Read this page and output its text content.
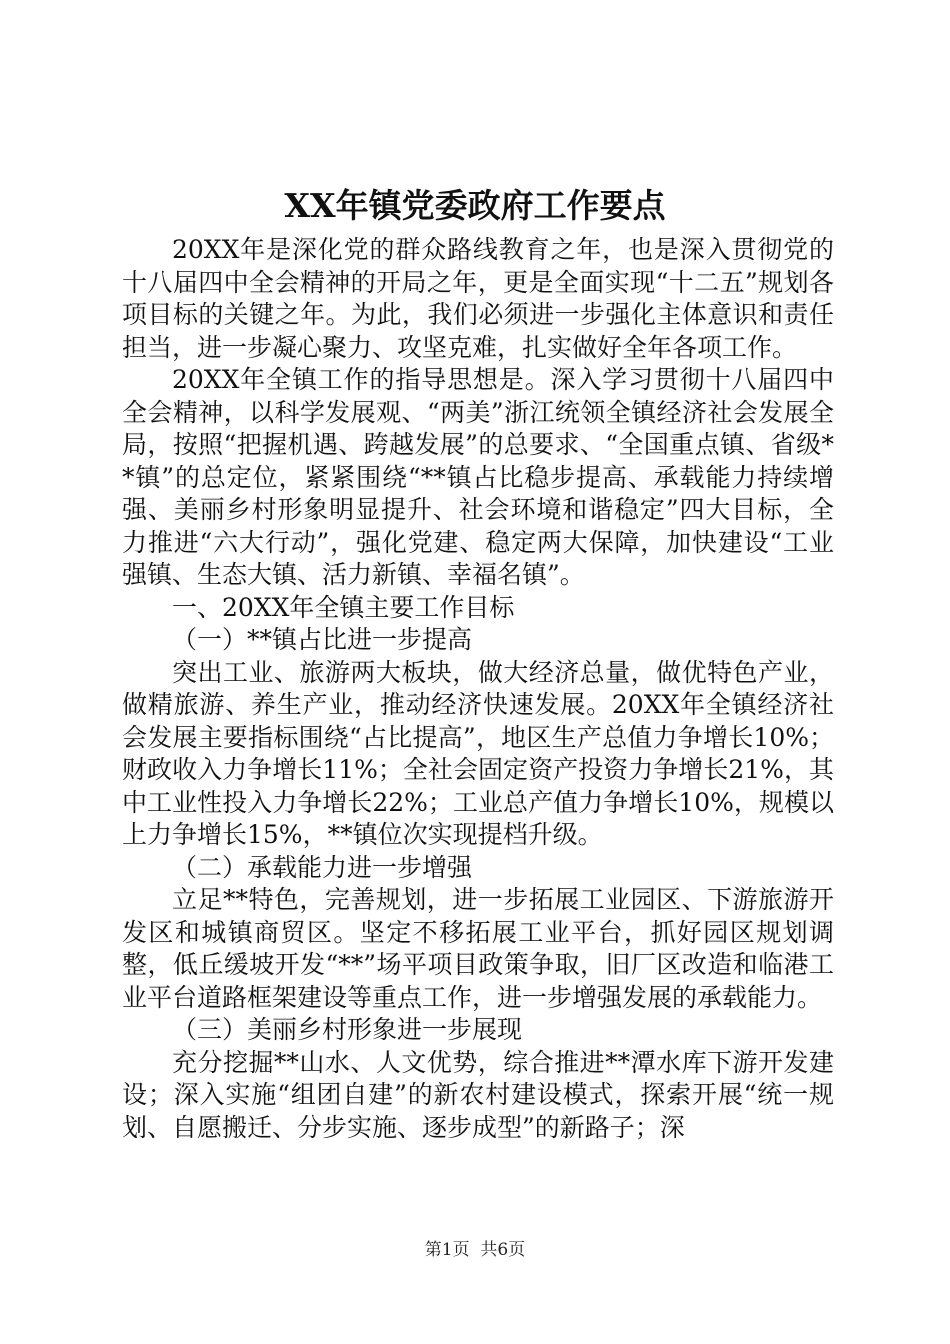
XX年镇党委政府工作要点

20XX年是深化党的群众路线教育之年，也是深入贯彻党的十八届四中全会精神的开局之年，更是全面实现“十二五”规划各项目标的关键之年。为此，我们必须进一步强化主体意识和责任担当，进一步凝心聚力、攻坚克难，扎实做好全年各项工作。

20XX年全镇工作的指导思想是。深入学习贯彻十八届四中全会精神，以科学发展观、“两美”浙江统领全镇经济社会发展全局，按照“把握机遇、跨越发展”的总要求、“全国重点镇、省级**镇”的总定位，紧紧围绕“**镇占比稳步提高、承载能力持续增强、美丽乡村形象明显提升、社会环境和谐稳定”四大目标，全力推进“六大行动”，强化党建、稳定两大保障，加快建设“工业强镇、生态大镇、活力新镇、幸福名镇”。

一、20XX年全镇主要工作目标

（一）**镇占比进一步提高

突出工业、旅游两大板块，做大经济总量，做优特色产业，做精旅游、养生产业，推动经济快速发展。20XX年全镇经济社会发展主要指标围绕“占比提高”，地区生产总值力争增长10%；财政收入力争增长11%；全社会固定资产投资力争增长21%，其中工业性投入力争增长22%；工业总产值力争增长10%，规模以上力争增长15%，**镇位次实现提档升级。

（二）承载能力进一步增强

立足**特色，完善规划，进一步拓展工业园区、下游旅游开发区和城镇商贸区。坚定不移拓展工业平台，抓好园区规划调整，低丘缓坡开发“**”场平项目政策争取，旧厂区改造和临港工业平台道路框架建设等重点工作，进一步增强发展的承载能力。

（三）美丽乡村形象进一步展现

充分挖掘**山水、人文优势，综合推进**潭水库下游开发建设；深入实施“组团自建”的新农村建设模式，探索开展“统一规划、自愿搬迁、分步实施、逐步成型”的新路子；深

第1页 共6页
